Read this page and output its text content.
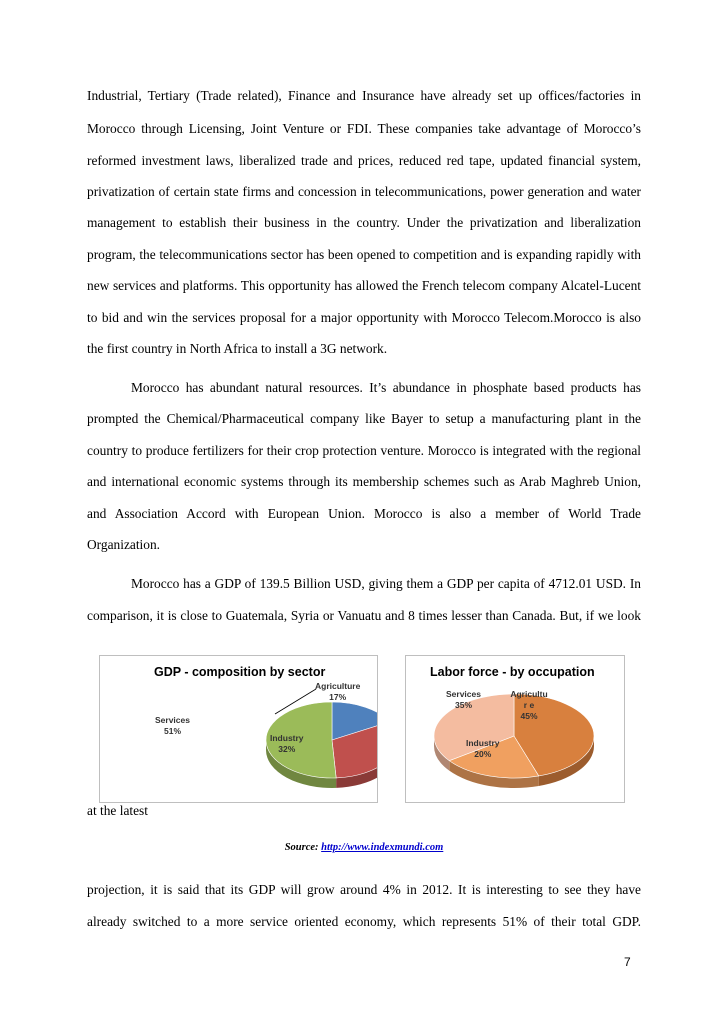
Industrial, Tertiary (Trade related), Finance and Insurance have already set up offices/factories in
Morocco through Licensing, Joint Venture or FDI. These companies take advantage of Morocco’s
reformed investment laws, liberalized trade and prices, reduced red tape, updated financial system,
privatization of certain state firms and concession in telecommunications, power generation and water
management to establish their business in the country. Under the privatization and liberalization
program, the telecommunications sector has been opened to competition and is expanding rapidly with
new services and platforms. This opportunity has allowed the French telecom company Alcatel-Lucent
to bid and win the services proposal for a major opportunity with Morocco Telecom.Morocco is also
the first country in North Africa to install a 3G network.
Morocco has abundant natural resources. It’s abundance in phosphate based products has
prompted the Chemical/Pharmaceutical company like Bayer to setup a manufacturing plant in the
country to produce fertilizers for their crop protection venture. Morocco is integrated with the regional
and international economic systems through its membership schemes such as Arab Maghreb Union,
and Association Accord with European Union. Morocco is also a member of World Trade
Organization.
Morocco has a GDP of 139.5 Billion USD, giving them a GDP per capita of 4712.01 USD. In
comparison, it is close to Guatemala, Syria or Vanuatu and 8 times lesser than Canada. But, if we look
GDP - composition by sector
Agriculture
17%
Industry
32%
Services
51%
Labor force - by occupation
Agricultur e
45%
Industry
20%
Services
35%
at the latest
Source: http://www.indexmundi.com
projection, it is said that its GDP will grow around 4% in 2012. It is interesting to see they have
already switched to a more service oriented economy, which represents 51% of their total GDP.
7
